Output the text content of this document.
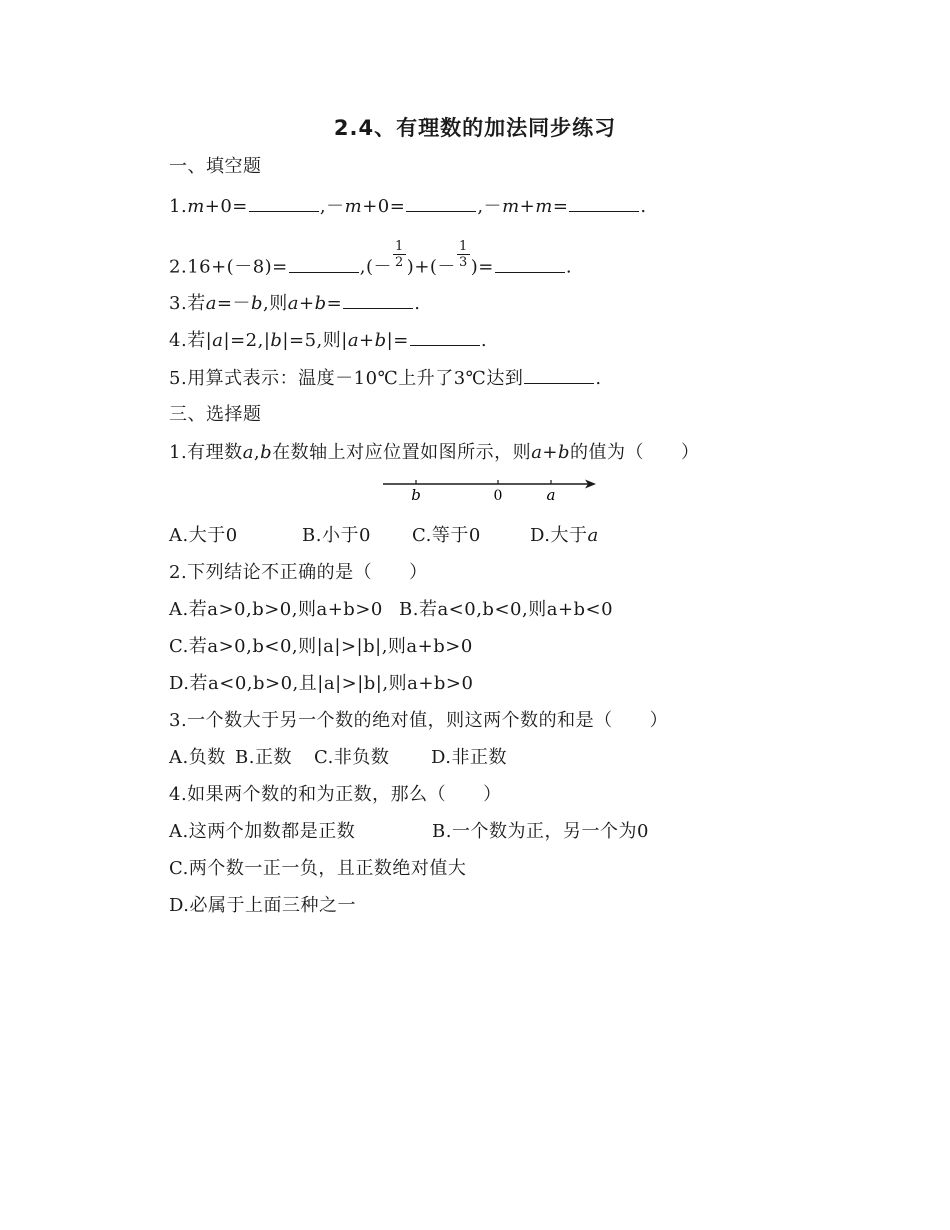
2.4、有理数的加法同步练习
一、填空题
1.m+0=	,－m+0=	,－m+m=	.
2.16+(－8)=	,(－ $\frac{1}{2}$ )+(－ $\frac{1}{3}$ )=	.
3.若a=－b,则a+b=	.
4.若|a|=2,|b|=5,则|a+b|=	.
5.用算式表示：温度－10℃上升了3℃达到	.
三、选择题
1.有理数a,b在数轴上对应位置如图所示，则a+b的值为（　　）
b	0	a
A.大于0	B.小于0 C.等于0	D.大于a
2.下列结论不正确的是（　　）
A.若a>0,b>0,则a+b>0 B.若a<0,b<0,则a+b<0
C.若a>0,b<0,则|a|>|b|,则a+b>0
D.若a<0,b>0,且|a|>|b|,则a+b>0
3.一个数大于另一个数的绝对值，则这两个数的和是（　　）
A.负数 B.正数 C.非负数 D.非正数
4.如果两个数的和为正数，那么（　　）
A.这两个加数都是正数	B.一个数为正，另一个为0
C.两个数一正一负，且正数绝对值大
D.必属于上面三种之一
